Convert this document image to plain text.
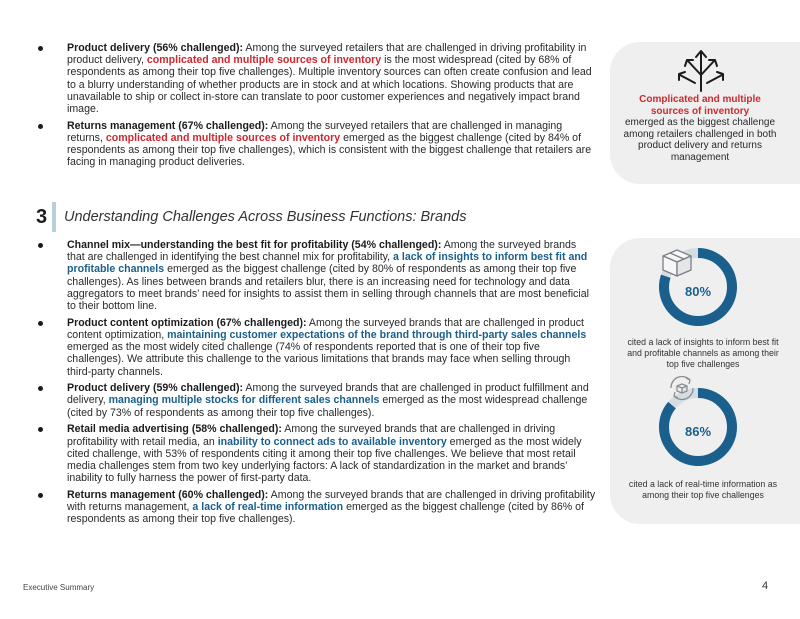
Product delivery (56% challenged): Among the surveyed retailers that are challenged in driving profitability in product delivery, complicated and multiple sources of inventory is the most widespread (cited by 68% of respondents as among their top five challenges). Multiple inventory sources can often create confusion and lead to a blurry understanding of whether products are in stock and at which locations. Showing products that are unavailable to ship or collect in-store can translate to poor customer experiences and negatively impact brand image.
Returns management (67% challenged): Among the surveyed retailers that are challenged in managing returns, complicated and multiple sources of inventory emerged as the biggest challenge (cited by 84% of respondents as among their top five challenges), which is consistent with the biggest challenge that retailers are facing in managing product deliveries.
3	Understanding Challenges Across Business Functions: Brands
Channel mix—understanding the best fit for profitability (54% challenged): Among the surveyed brands that are challenged in identifying the best channel mix for profitability, a lack of insights to inform best fit and profitable channels emerged as the biggest challenge (cited by 80% of respondents as among their top five challenges). As lines between brands and retailers blur, there is an increasing need for technology and data aggregators to meet brands’ need for insights to assist them in selling through channels that are most beneficial to their bottom line.
Product content optimization (67% challenged): Among the surveyed brands that are challenged in product content optimization, maintaining customer expectations of the brand through third-party sales channels emerged as the most widely cited challenge (74% of respondents reported that is one of their top five challenges). We attribute this challenge to the various limitations that brands may face when selling through third-party channels.
Product delivery (59% challenged): Among the surveyed brands that are challenged in product fulfillment and delivery, managing multiple stocks for different sales channels emerged as the most widespread challenge (cited by 73% of respondents as among their top five challenges).
Retail media advertising (58% challenged): Among the surveyed brands that are challenged in driving profitability with retail media, an inability to connect ads to available inventory emerged as the most widely cited challenge, with 53% of respondents citing it among their top five challenges. We believe that most retail media challenges stem from two key underlying factors: A lack of standardization in the market and brands’ inability to fully harness the power of first-party data.
Returns management (60% challenged): Among the surveyed brands that are challenged in driving profitability with returns management, a lack of real-time information emerged as the biggest challenge (cited by 86% of respondents as among their top five challenges).
Complicated and multiple sources of inventory
emerged as the biggest challenge among retailers challenged in both product delivery and returns management
80%
cited a lack of insights to inform best fit and profitable channels as among their top five challenges
86%
cited a lack of real-time information as among their top five challenges
Executive Summary	4
